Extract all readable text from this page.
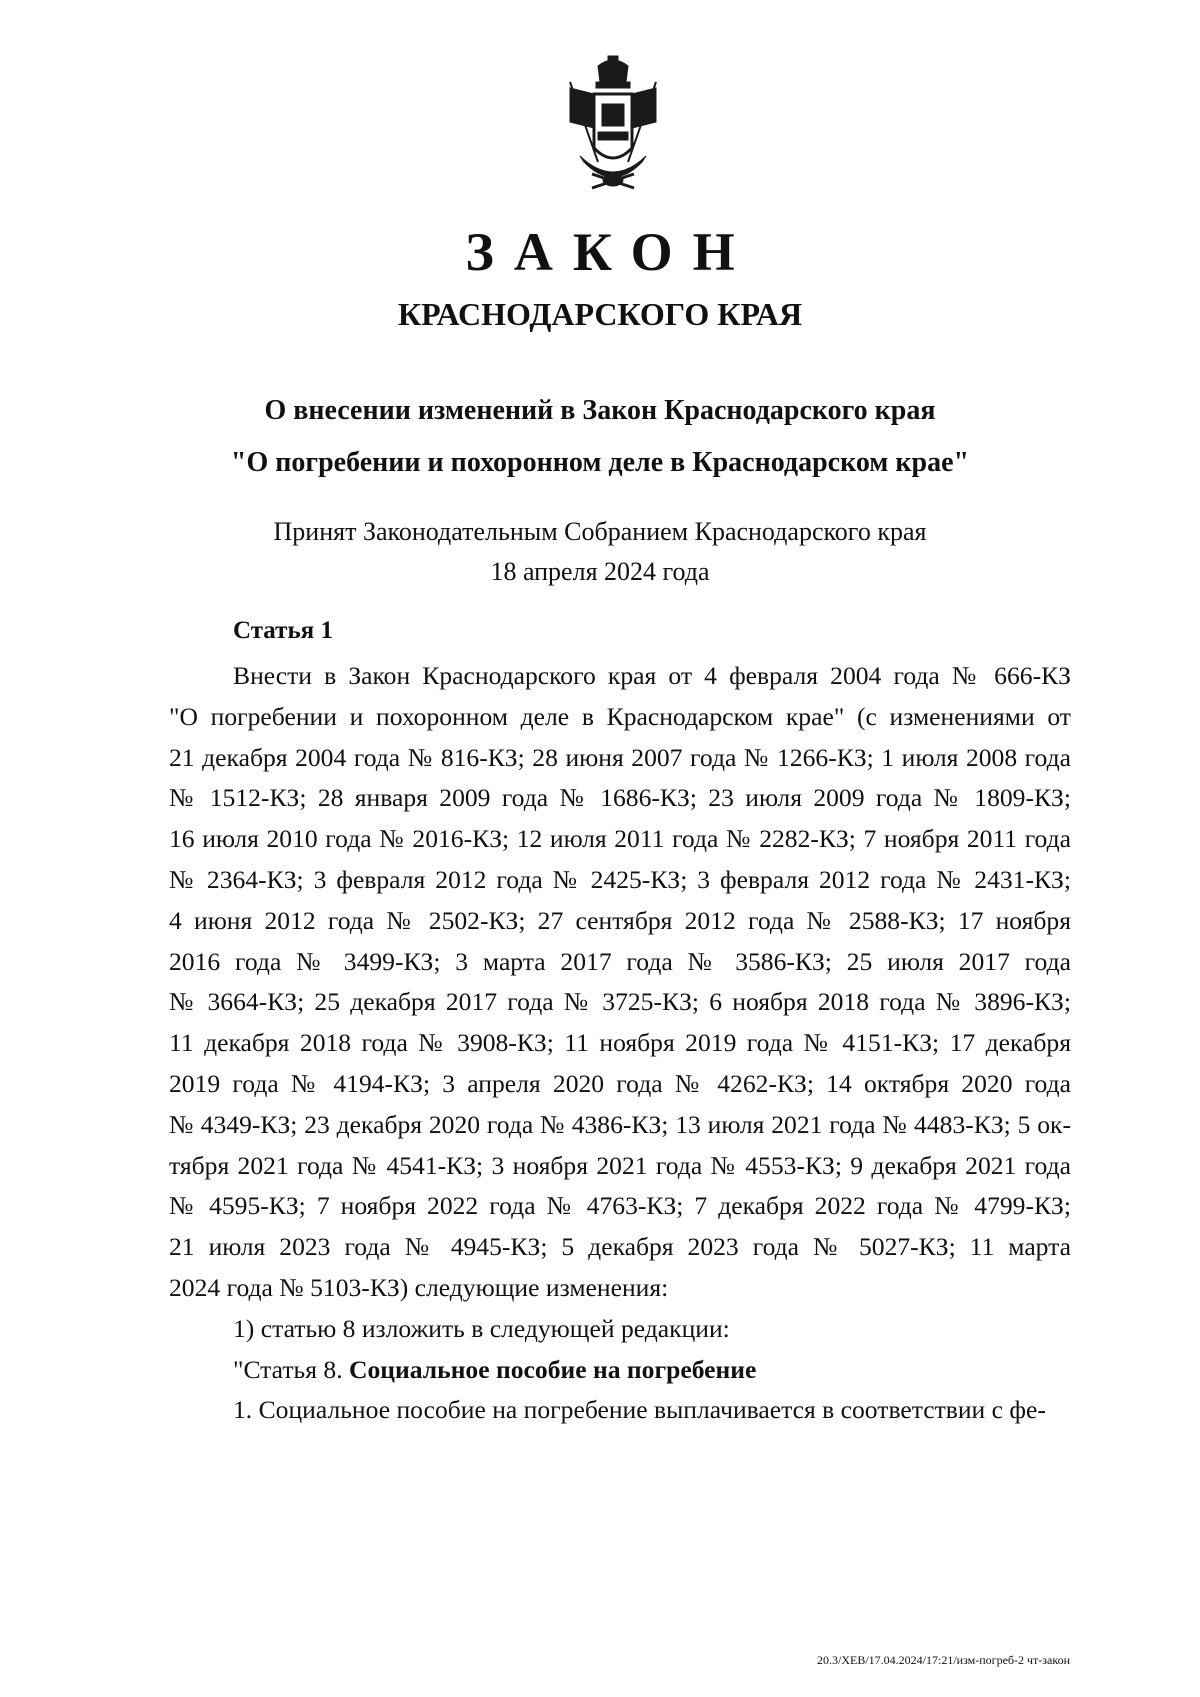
ЗАКОН
КРАСНОДАРСКОГО КРАЯ
О внесении изменений в Закон Краснодарского края
"О погребении и похоронном деле в Краснодарском крае"
Принят Законодательным Собранием Краснодарского края
18 апреля 2024 года
Статья 1
Внести в Закон Краснодарского края от 4 февраля 2004 года № 666-КЗ
"О погребении и похоронном деле в Краснодарском крае" (с изменениями от
21 декабря 2004 года № 816-КЗ; 28 июня 2007 года № 1266-КЗ; 1 июля 2008 года
№ 1512-КЗ; 28 января 2009 года № 1686-КЗ; 23 июля 2009 года № 1809-КЗ;
16 июля 2010 года № 2016-КЗ; 12 июля 2011 года № 2282-КЗ; 7 ноября 2011 года
№ 2364-КЗ; 3 февраля 2012 года № 2425-КЗ; 3 февраля 2012 года № 2431-КЗ;
4 июня 2012 года № 2502-КЗ; 27 сентября 2012 года № 2588-КЗ; 17 ноября
2016 года № 3499-КЗ; 3 марта 2017 года № 3586-КЗ; 25 июля 2017 года
№ 3664-КЗ; 25 декабря 2017 года № 3725-КЗ; 6 ноября 2018 года № 3896-КЗ;
11 декабря 2018 года № 3908-КЗ; 11 ноября 2019 года № 4151-КЗ; 17 декабря
2019 года № 4194-КЗ; 3 апреля 2020 года № 4262-КЗ; 14 октября 2020 года
№ 4349-КЗ; 23 декабря 2020 года № 4386-КЗ; 13 июля 2021 года № 4483-КЗ; 5 ок-
тября 2021 года № 4541-КЗ; 3 ноября 2021 года № 4553-КЗ; 9 декабря 2021 года
№ 4595-КЗ; 7 ноября 2022 года № 4763-КЗ; 7 декабря 2022 года № 4799-КЗ;
21 июля 2023 года № 4945-КЗ; 5 декабря 2023 года № 5027-КЗ; 11 марта
2024 года № 5103-КЗ) следующие изменения:
1) статью 8 изложить в следующей редакции:
"Статья 8. Социальное пособие на погребение
1. Социальное пособие на погребение выплачивается в соответствии с фе-
20.3/ХЕВ/17.04.2024/17:21/изм-погреб-2 чт-закон
